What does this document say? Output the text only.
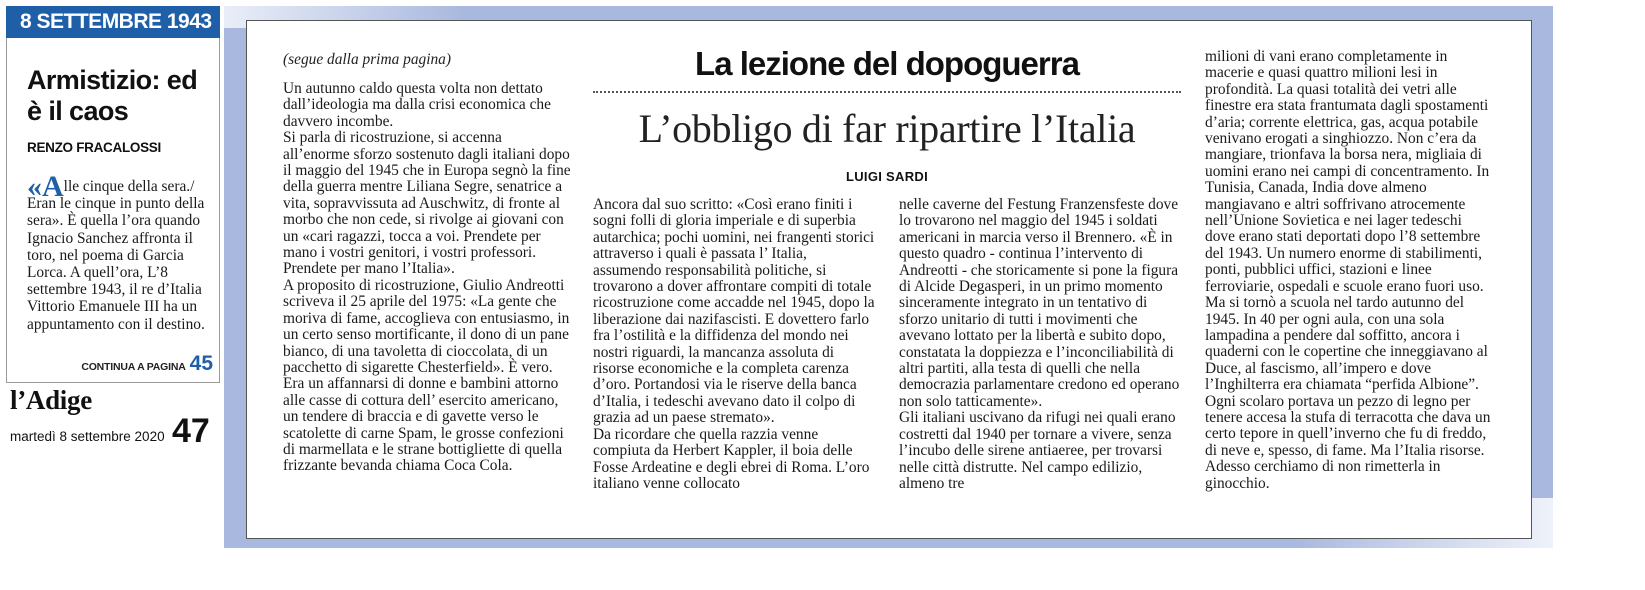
8 SETTEMBRE 1943
Armistizio: ed è il caos
RENZO FRACALOSSI
«Alle cinque della sera./ Eran le cinque in punto della sera». È quella l’ora quando Ignacio Sanchez affronta il toro, nel poema di Garcia Lorca. A quell’ora, L’8 settembre 1943, il re d’Italia Vittorio Emanuele III ha un appuntamento con il destino.
CONTINUA A PAGINA 45
l’Adige
martedì 8 settembre 2020 47
(segue dalla prima pagina)	La lezione del dopoguerra
L’obbligo di far ripartire l’Italia
LUIGI SARDI

Un autunno caldo questa volta non dettato dall’ideologia ma dalla crisi economica che davvero incombe.

Si parla di ricostruzione, si accenna all’enorme sforzo sostenuto dagli italiani dopo il maggio del 1945 che in Europa segnò la fine della guerra mentre Liliana Segre, senatrice a vita, sopravvissuta ad Auschwitz, di fronte al morbo che non cede, si rivolge ai giovani con un «cari ragazzi, tocca a voi. Prendete per mano i vostri genitori, i vostri professori. Prendete per mano l’Italia».

A proposito di ricostruzione, Giulio Andreotti scriveva il 25 aprile del 1975: «La gente che moriva di fame, accoglieva con entusiasmo, in un certo senso mortificante, il dono di un pane bianco, di una tavoletta di cioccolata, di un pacchetto di sigarette Chesterfield». È vero. Era un affannarsi di donne e bambini attorno alle casse di cottura dell’ esercito americano, un tendere di braccia e di gavette verso le scatolette di carne Spam, le grosse confezioni di marmellata e le strane bottigliette di quella frizzante bevanda chiama Coca Cola.

Ancora dal suo scritto: «Così erano finiti i sogni folli di gloria imperiale e di superbia autarchica; pochi uomini, nei frangenti storici attraverso i quali è passata l’ Italia, assumendo responsabilità politiche, si trovarono a dover affrontare compiti di totale ricostruzione come accadde nel 1945, dopo la liberazione dai nazifascisti. E dovettero farlo fra l’ostilità e la diffidenza del mondo nei nostri riguardi, la mancanza assoluta di risorse economiche e la completa carenza d’oro. Portandosi via le riserve della banca d’Italia, i tedeschi avevano dato il colpo di grazia ad un paese stremato».

Da ricordare che quella razzia venne compiuta da Herbert Kappler, il boia delle Fosse Ardeatine e degli ebrei di Roma. L’oro italiano venne collocato

nelle caverne del Festung Franzensfeste dove lo trovarono nel maggio del 1945 i soldati americani in marcia verso il Brennero. «È in questo quadro - continua l’intervento di Andreotti - che storicamente si pone la figura di Alcide Degasperi, in un primo momento sinceramente integrato in un tentativo di sforzo unitario di tutti i movimenti che avevano lottato per la libertà e subito dopo, constatata la doppiezza e l’inconciliabilità di altri partiti, alla testa di quelli che nella democrazia parlamentare credono ed operano non solo tatticamente».

Gli italiani uscivano da rifugi nei quali erano costretti dal 1940 per tornare a vivere, senza l’incubo delle sirene antiaeree, per trovarsi nelle città distrutte. Nel campo edilizio, almeno tre

milioni di vani erano completamente in macerie e quasi quattro milioni lesi in profondità. La quasi totalità dei vetri alle finestre era stata frantumata dagli spostamenti d’aria; corrente elettrica, gas, acqua potabile venivano erogati a singhiozzo. Non c’era da mangiare, trionfava la borsa nera, migliaia di uomini erano nei campi di concentramento. In Tunisia, Canada, India dove almeno mangiavano e altri soffrivano atrocemente nell’Unione Sovietica e nei lager tedeschi dove erano stati deportati dopo l’8 settembre del 1943. Un numero enorme di stabilimenti, ponti, pubblici uffici, stazioni e linee ferroviarie, ospedali e scuole erano fuori uso. Ma si tornò a scuola nel tardo autunno del 1945. In 40 per ogni aula, con una sola lampadina a pendere dal soffitto, ancora i quaderni con le copertine che inneggiavano al Duce, al fascismo, all’impero e dove l’Inghilterra era chiamata “perfida Albione”. Ogni scolaro portava un pezzo di legno per tenere accesa la stufa di terracotta che dava un certo tepore in quell’inverno che fu di freddo, di neve e, spesso, di fame. Ma l’Italia risorse. Adesso cerchiamo di non rimetterla in ginocchio.
